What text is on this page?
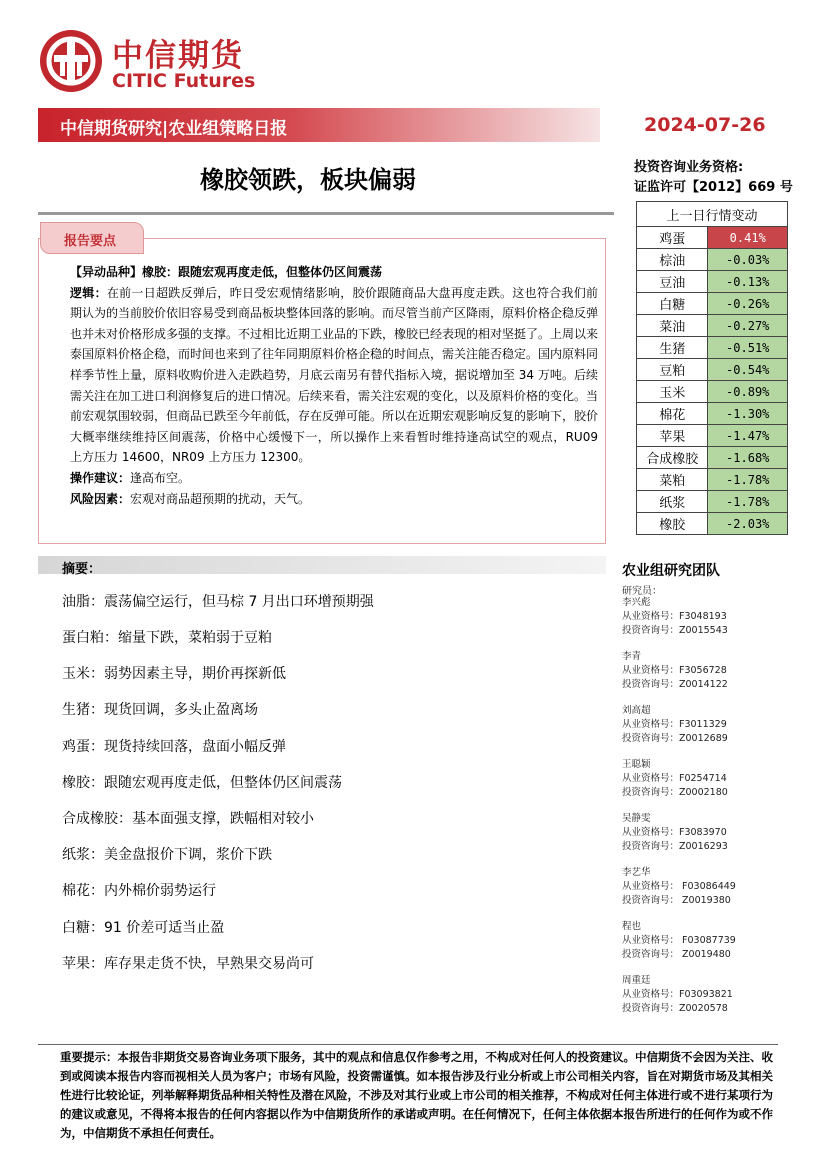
中信期货
CITIC Futures
中信期货研究|农业组策略日报	2024-07-26
橡胶领跌，板块偏弱	投资咨询业务资格:
证监许可【2012】669 号
报告要点

【异动品种】橡胶：跟随宏观再度走低，但整体仍区间震荡

逻辑：在前一日超跌反弹后，昨日受宏观情绪影响，胶价跟随商品大盘再度走跌。这也符合我们前期认为的当前胶价依旧容易受到商品板块整体回落的影响。而尽管当前产区降雨，原料价格企稳反弹也并未对价格形成多强的支撑。不过相比近期工业品的下跌，橡胶已经表现的相对坚挺了。上周以来泰国原料价格企稳，而时间也来到了往年同期原料价格企稳的时间点，需关注能否稳定。国内原料同样季节性上量，原料收购价进入走跌趋势，月底云南另有替代指标入境，据说增加至 34 万吨。后续需关注在加工进口利润修复后的进口情况。后续来看，需关注宏观的变化，以及原料价格的变化。当前宏观氛围较弱，但商品已跌至今年前低，存在反弹可能。所以在近期宏观影响反复的影响下，胶价大概率继续维持区间震荡，价格中心缓慢下一，所以操作上来看暂时维持逢高试空的观点，RU09 上方压力 14600，NR09 上方压力 12300。

操作建议：逢高布空。

风险因素：宏观对商品超预期的扰动，天气。

摘要：
油脂：震荡偏空运行，但马棕 7 月出口环增预期强
蛋白粕：缩量下跌，菜粕弱于豆粕
玉米：弱势因素主导，期价再探新低
生猪：现货回调，多头止盈离场
鸡蛋：现货持续回落，盘面小幅反弹
橡胶：跟随宏观再度走低，但整体仍区间震荡
合成橡胶：基本面强支撑，跌幅相对较小
纸浆：美金盘报价下调，浆价下跌
棉花：内外棉价弱势运行
白糖：91 价差可适当止盈
苹果：库存果走货不快，早熟果交易尚可
上一日行情变动	
鸡蛋	0.41%
棕油	-0.03%
豆油	-0.13%
白糖	-0.26%
菜油	-0.27%
生猪	-0.51%
豆粕	-0.54%
玉米	-0.89%
棉花	-1.30%
苹果	-1.47%
合成橡胶	-1.68%
菜粕	-1.78%
纸浆	-1.78%
橡胶	-2.03%
农业组研究团队
研究员：
李兴彪
从业资格号：F3048193
投资咨询号：Z0015543
李青
从业资格号：F3056728
投资咨询号：Z0014122
刘高超
从业资格号：F3011329
投资咨询号：Z0012689
王聪颖
从业资格号：F0254714
投资咨询号：Z0002180
吴静雯
从业资格号：F3083970
投资咨询号：Z0016293
李艺华
从业资格号： F03086449
投资咨询号： Z0019380
程也
从业资格号： F03087739
投资咨询号： Z0019480
周重廷
从业资格号：F03093821
投资咨询号：Z0020578
重要提示：本报告非期货交易咨询业务项下服务，其中的观点和信息仅作参考之用，不构成对任何人的投资建议。中信期货不会因为关注、收到或阅读本报告内容而视相关人员为客户；市场有风险，投资需谨慎。如本报告涉及行业分析或上市公司相关内容，旨在对期货市场及其相关性进行比较论证，列举解释期货品种相关特性及潜在风险，不涉及对其行业或上市公司的相关推荐，不构成对任何主体进行或不进行某项行为的建议或意见，不得将本报告的任何内容据以作为中信期货所作的承诺或声明。在任何情况下，任何主体依据本报告所进行的任何作为或不作为，中信期货不承担任何责任。
